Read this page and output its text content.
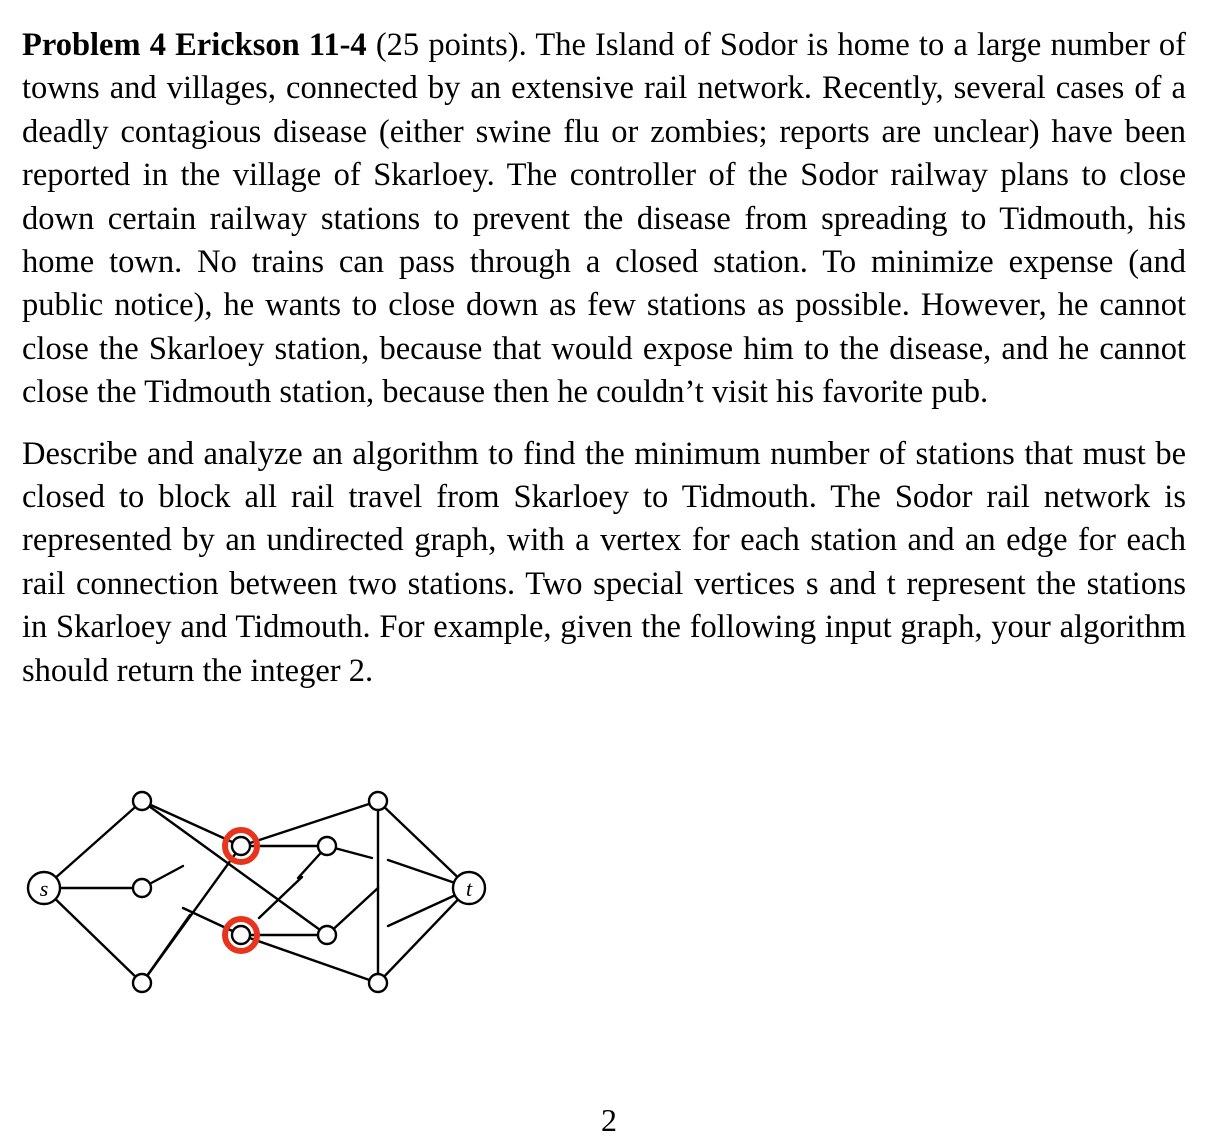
Problem 4 Erickson 11-4 (25 points). The Island of Sodor is home to a large number of towns and villages, connected by an extensive rail network. Recently, several cases of a deadly contagious disease (either swine flu or zombies; reports are unclear) have been reported in the village of Skarloey. The controller of the Sodor railway plans to close down certain railway stations to prevent the disease from spreading to Tidmouth, his home town. No trains can pass through a closed station. To minimize expense (and public notice), he wants to close down as few stations as possible. However, he cannot close the Skarloey station, because that would expose him to the disease, and he cannot close the Tidmouth station, because then he couldn’t visit his favorite pub.

Describe and analyze an algorithm to find the minimum number of stations that must be closed to block all rail travel from Skarloey to Tidmouth. The Sodor rail network is represented by an undirected graph, with a vertex for each station and an edge for each rail connection between two stations. Two special vertices s and t represent the stations in Skarloey and Tidmouth. For example, given the following input graph, your algorithm should return the integer 2.

s	t
2
